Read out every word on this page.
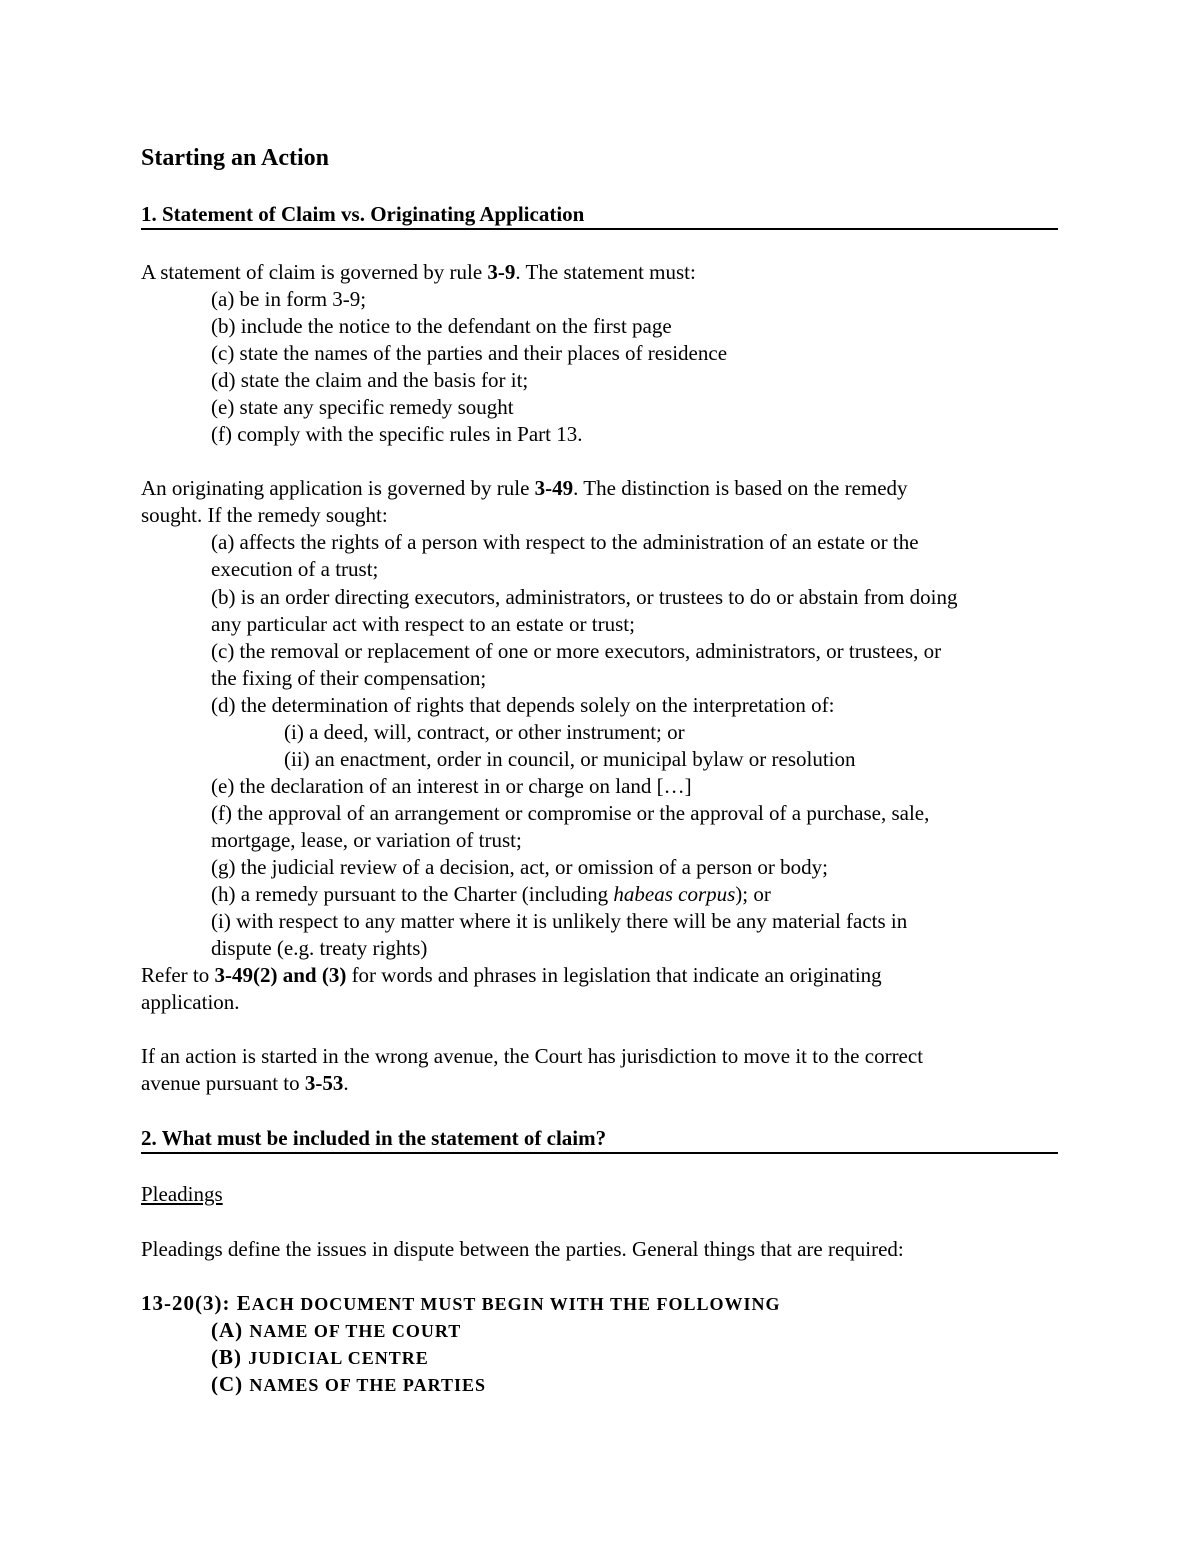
Starting an Action
1. Statement of Claim vs. Originating Application
A statement of claim is governed by rule 3-9. The statement must:
(a) be in form 3-9;
(b) include the notice to the defendant on the first page
(c) state the names of the parties and their places of residence
(d) state the claim and the basis for it;
(e) state any specific remedy sought
(f) comply with the specific rules in Part 13.
An originating application is governed by rule 3-49. The distinction is based on the remedy
sought. If the remedy sought:
(a) affects the rights of a person with respect to the administration of an estate or the
execution of a trust;
(b) is an order directing executors, administrators, or trustees to do or abstain from doing
any particular act with respect to an estate or trust;
(c) the removal or replacement of one or more executors, administrators, or trustees, or
the fixing of their compensation;
(d) the determination of rights that depends solely on the interpretation of:
(i) a deed, will, contract, or other instrument; or
(ii) an enactment, order in council, or municipal bylaw or resolution
(e) the declaration of an interest in or charge on land […]
(f) the approval of an arrangement or compromise or the approval of a purchase, sale,
mortgage, lease, or variation of trust;
(g) the judicial review of a decision, act, or omission of a person or body;
(h) a remedy pursuant to the Charter (including habeas corpus); or
(i) with respect to any matter where it is unlikely there will be any material facts in
dispute (e.g. treaty rights)
Refer to 3-49(2) and (3) for words and phrases in legislation that indicate an originating
application.
If an action is started in the wrong avenue, the Court has jurisdiction to move it to the correct
avenue pursuant to 3-53.
2. What must be included in the statement of claim?
Pleadings
Pleadings define the issues in dispute between the parties. General things that are required:
13-20(3): EACH DOCUMENT MUST BEGIN WITH THE FOLLOWING
(A) NAME OF THE COURT
(B) JUDICIAL CENTRE
(C) NAMES OF THE PARTIES
